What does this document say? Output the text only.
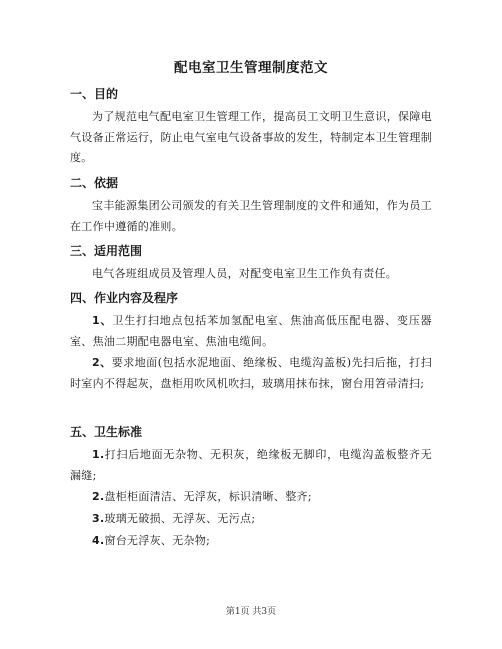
配电室卫生管理制度范文
一、目的
为了规范电气配电室卫生管理工作，提高员工文明卫生意识，保障电气设备正常运行，防止电气室电气设备事故的发生，特制定本卫生管理制度。
二、依据
宝丰能源集团公司颁发的有关卫生管理制度的文件和通知，作为员工在工作中遵循的准则。
三、适用范围
电气各班组成员及管理人员，对配变电室卫生工作负有责任。
四、作业内容及程序
1、卫生打扫地点包括苯加氢配电室、焦油高低压配电器、变压器室、焦油二期配电器电室、焦油电缆间。
2、要求地面(包括水泥地面、绝缘板、电缆沟盖板)先扫后拖，打扫时室内不得起灰，盘柜用吹风机吹扫，玻璃用抹布抹，窗台用笤帚清扫;
五、卫生标准
1.打扫后地面无杂物、无积灰，绝缘板无脚印，电缆沟盖板整齐无漏缝;
2.盘柜柜面清洁、无浮灰，标识清晰、整齐;
3.玻璃无破损、无浮灰、无污点;
4.窗台无浮灰、无杂物;
第1页 共3页
